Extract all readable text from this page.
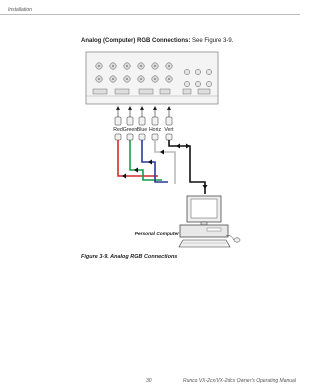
Installation
Analog (Computer) RGB Connections: See Figure 3-9.
Red Green Blue Horiz Vert
Personal Computer
Figure 3-9. Analog RGB Connections
30	Runco VX-2cx/VX-2dcx Owner's Operating Manual
